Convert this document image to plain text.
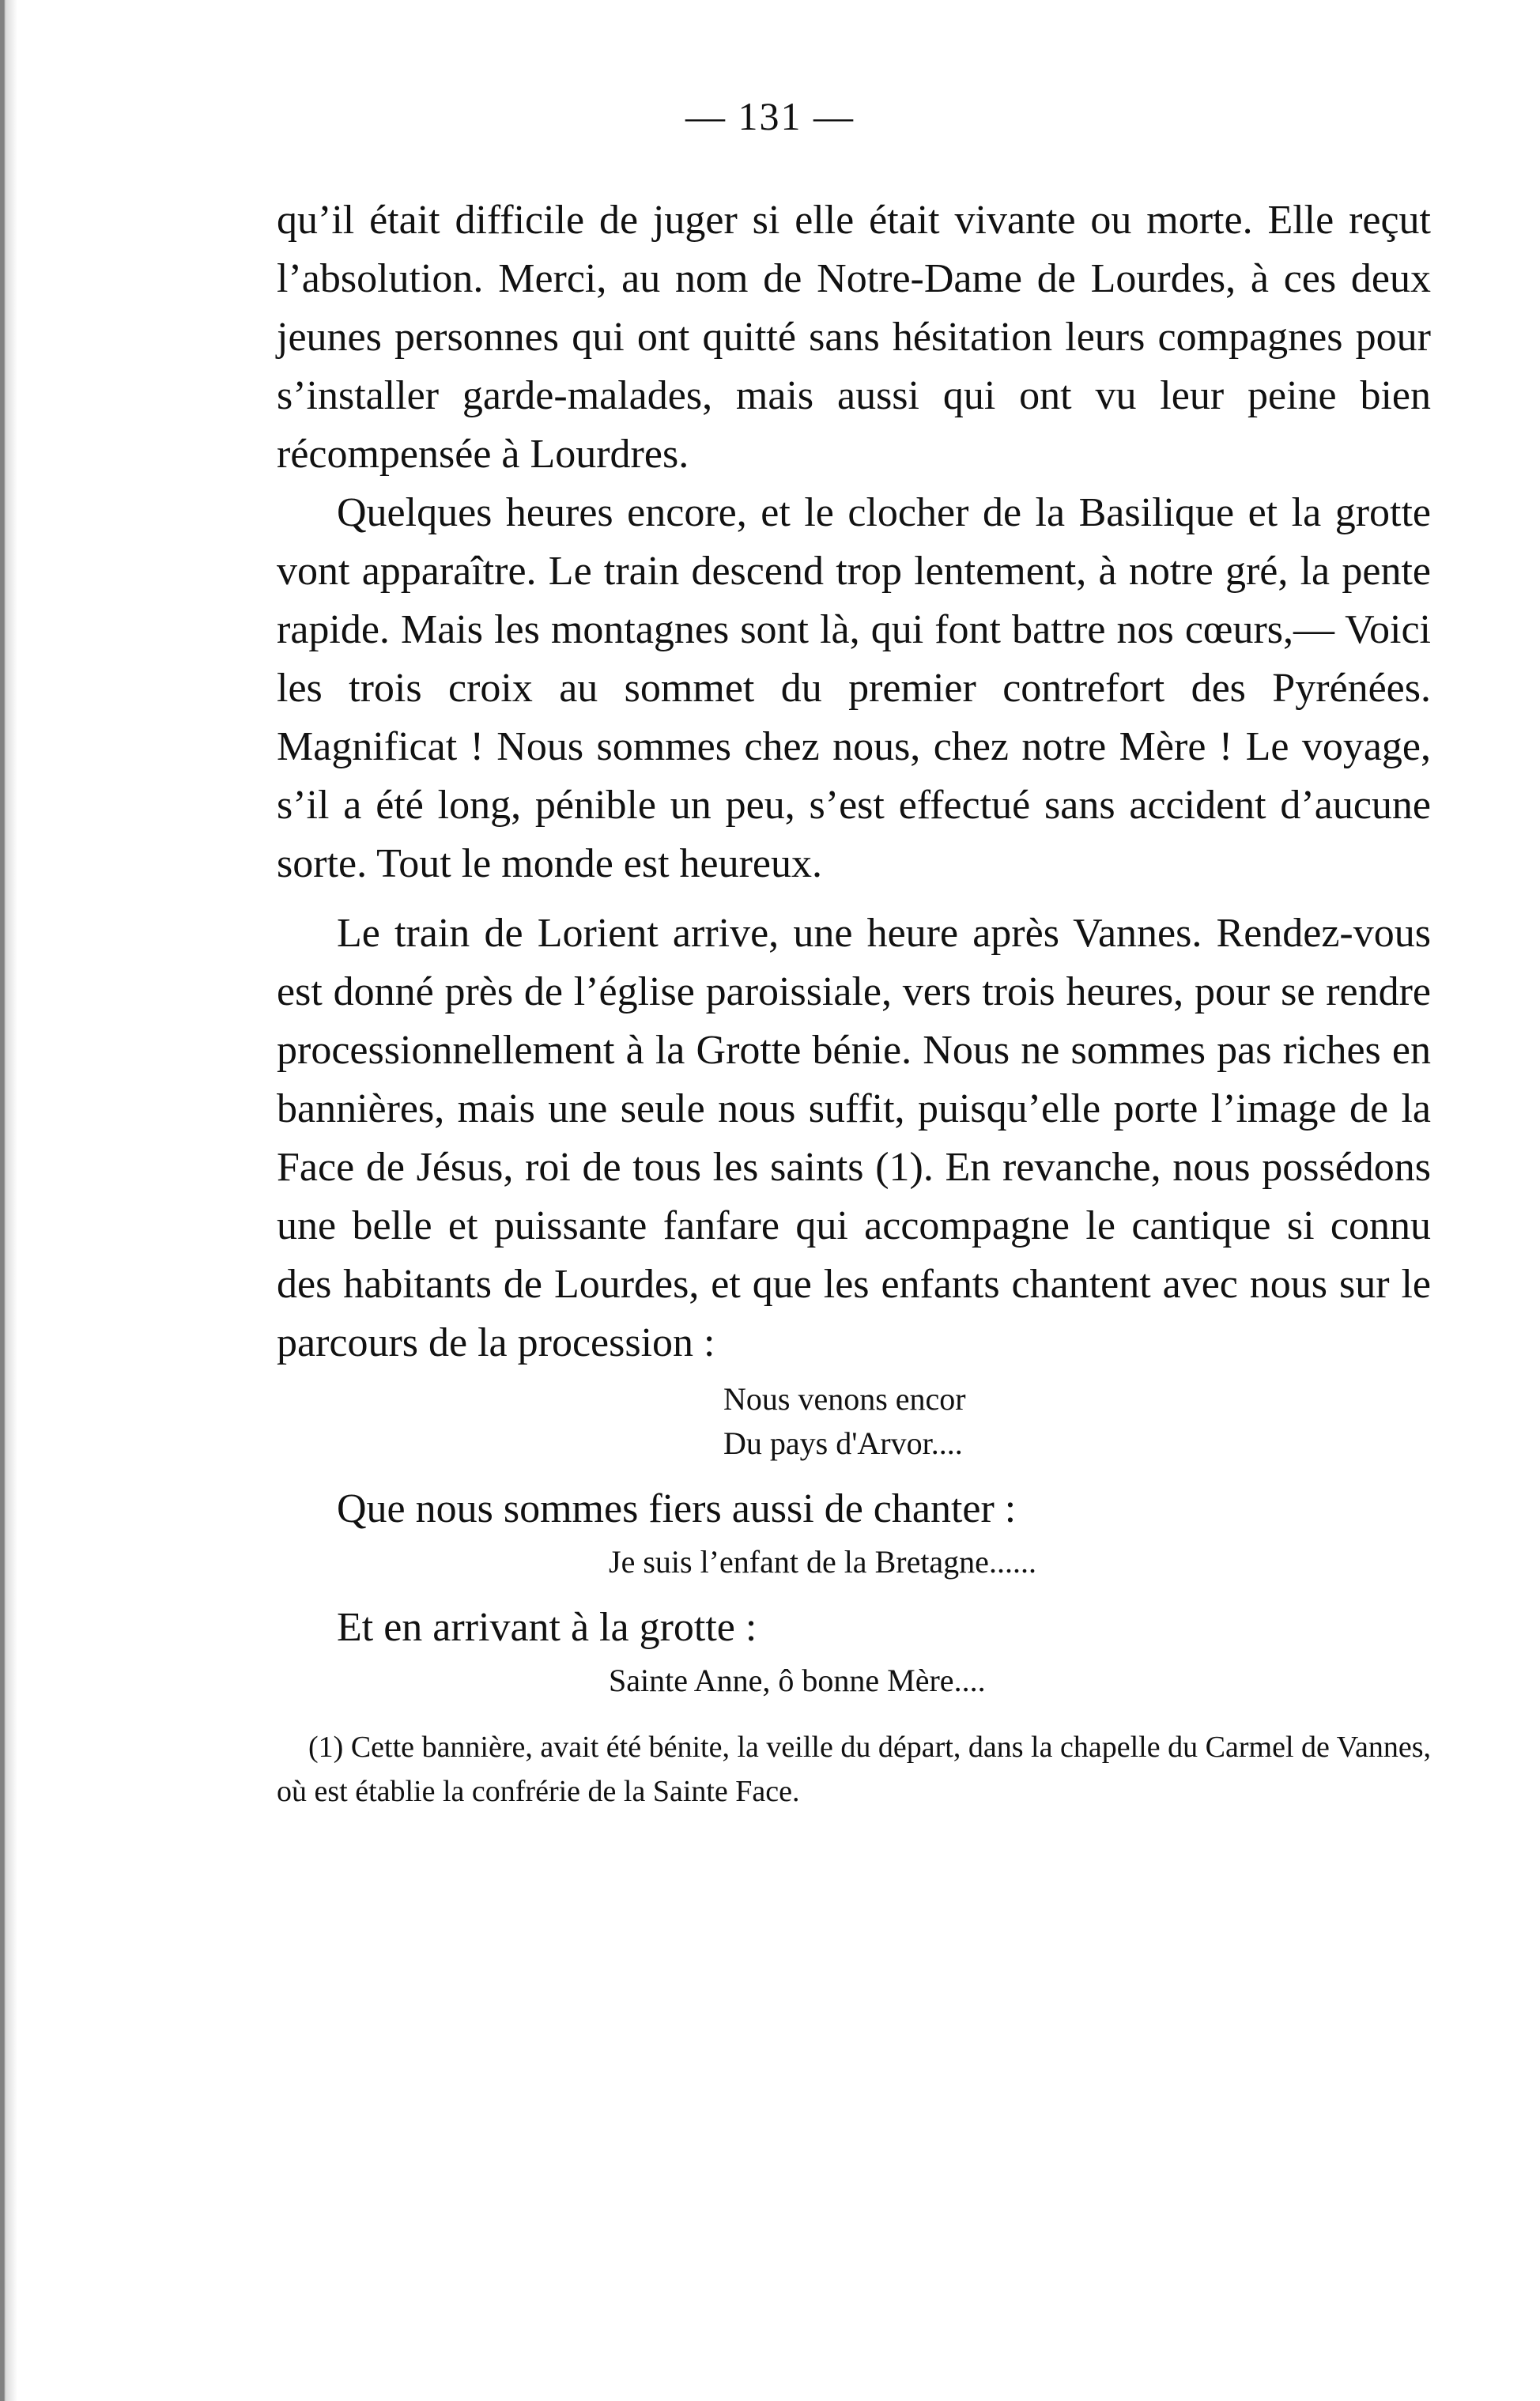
— 131 —

qu’il était difficile de juger si elle était vivante ou morte. Elle reçut l’absolution. Merci, au nom de Notre-Dame de Lourdes, à ces deux jeunes personnes qui ont quitté sans hésitation leurs compagnes pour s’installer garde-malades, mais aussi qui ont vu leur peine bien récompensée à Lourdres.

Quelques heures encore, et le clocher de la Basilique et la grotte vont apparaître. Le train descend trop lentement, à notre gré, la pente rapide. Mais les montagnes sont là, qui font battre nos cœurs,— Voici les trois croix au sommet du premier contrefort des Pyrénées. Magnificat ! Nous sommes chez nous, chez notre Mère ! Le voyage, s’il a été long, pénible un peu, s’est effectué sans accident d’aucune sorte. Tout le monde est heureux.

Le train de Lorient arrive, une heure après Vannes. Rendez-vous est donné près de l’église paroissiale, vers trois heures, pour se rendre processionnellement à la Grotte bénie. Nous ne sommes pas riches en bannières, mais une seule nous suffit, puisqu’elle porte l’image de la Face de Jésus, roi de tous les saints (1). En revanche, nous possédons une belle et puissante fanfare qui accompagne le cantique si connu des habitants de Lourdes, et que les enfants chantent avec nous sur le parcours de la procession :

Nous venons encor
Du pays d'Arvor....

Que nous sommes fiers aussi de chanter :

Je suis l’enfant de la Bretagne......

Et en arrivant à la grotte :

Sainte Anne, ô bonne Mère....

(1) Cette bannière, avait été bénite, la veille du départ, dans la chapelle du Carmel de Vannes, où est établie la confrérie de la Sainte Face.
